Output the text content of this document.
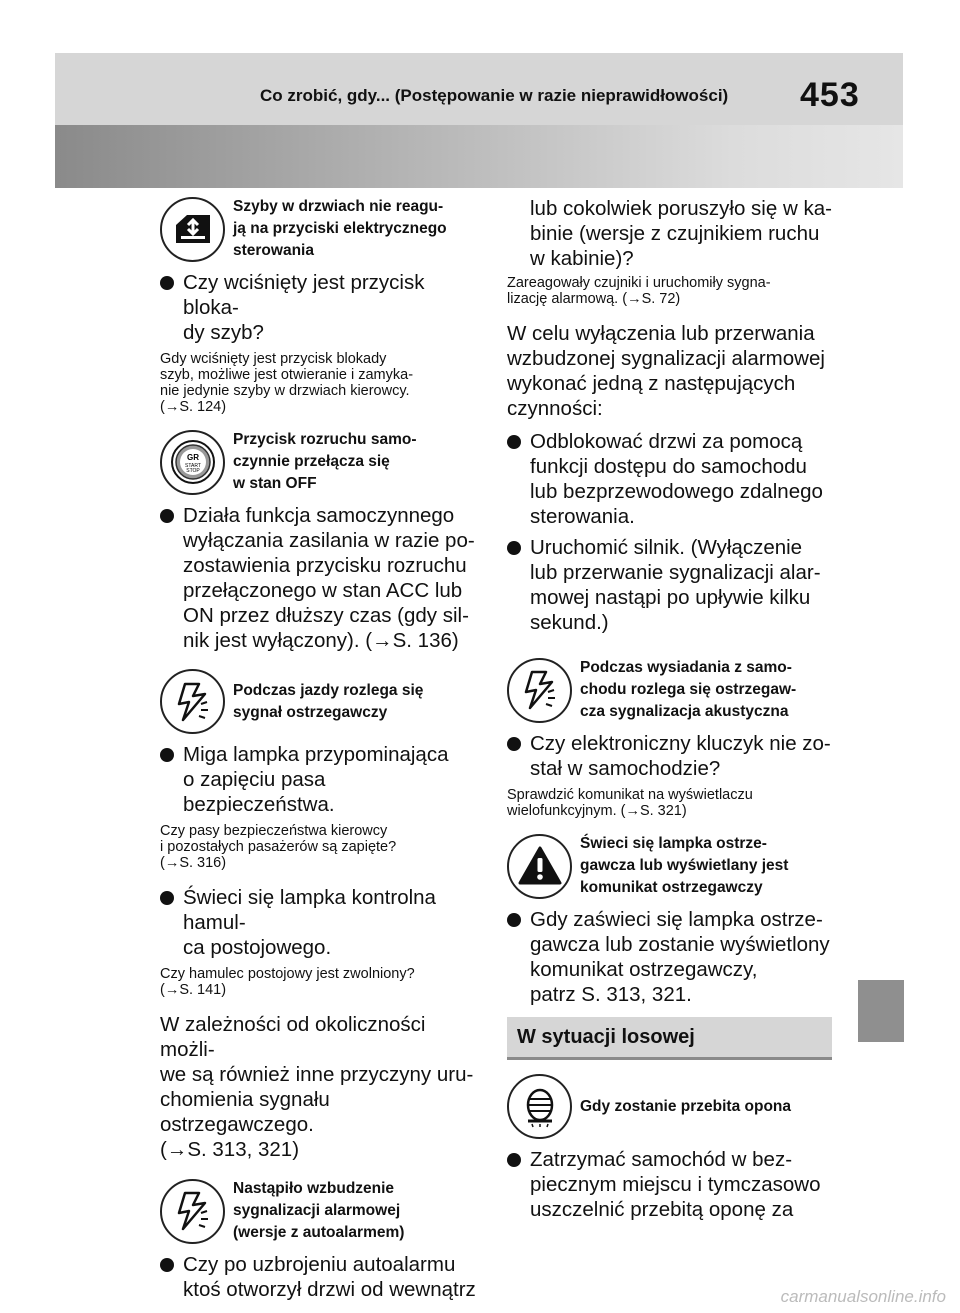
Co zrobić, gdy... (Postępowanie w razie nieprawidłowości) 453
Szyby w drzwiach nie reagu-
ją na przyciski elektrycznego
sterowania
Czy wciśnięty jest przycisk bloka-
dy szyb?
Gdy wciśnięty jest przycisk blokady
szyb, możliwe jest otwieranie i zamyka-
nie jedynie szyby w drzwiach kierowcy.
(→S. 124)
GR
START
STOP
Przycisk rozruchu samo-
czynnie przełącza się
w stan OFF
Działa funkcja samoczynnego
wyłączania zasilania w razie po-
zostawienia przycisku rozruchu
przełączonego w stan ACC lub
ON przez dłuższy czas (gdy sil-
nik jest wyłączony). (→S. 136)
Podczas jazdy rozlega się
sygnał ostrzegawczy
Miga lampka przypominająca
o zapięciu pasa bezpieczeństwa.
Czy pasy bezpieczeństwa kierowcy
i pozostałych pasażerów są zapięte?
(→S. 316)
Świeci się lampka kontrolna hamul-
ca postojowego.
Czy hamulec postojowy jest zwolniony?
(→S. 141)
W zależności od okoliczności możli-
we są również inne przyczyny uru-
chomienia sygnału ostrzegawczego.
(→S. 313, 321)
Nastąpiło wzbudzenie
sygnalizacji alarmowej
(wersje z autoalarmem)
Czy po uzbrojeniu autoalarmu
ktoś otworzył drzwi od wewnątrz
lub cokolwiek poruszyło się w ka-
binie (wersje z czujnikiem ruchu
w kabinie)?
Zareagowały czujniki i uruchomiły sygna-
lizację alarmową. (→S. 72)
W celu wyłączenia lub przerwania
wzbudzonej sygnalizacji alarmowej
wykonać jedną z następujących
czynności:
Odblokować drzwi za pomocą
funkcji dostępu do samochodu
lub bezprzewodowego zdalnego
sterowania.
Uruchomić silnik. (Wyłączenie
lub przerwanie sygnalizacji alar-
mowej nastąpi po upływie kilku
sekund.)
Podczas wysiadania z samo-
chodu rozlega się ostrzegaw-
cza sygnalizacja akustyczna
Czy elektroniczny kluczyk nie zo-
stał w samochodzie?
Sprawdzić komunikat na wyświetlaczu
wielofunkcyjnym. (→S. 321)
Świeci się lampka ostrze-
gawcza lub wyświetlany jest
komunikat ostrzegawczy
Gdy zaświeci się lampka ostrze-
gawcza lub zostanie wyświetlony
komunikat ostrzegawczy,
patrz S. 313, 321.
W sytuacji losowej
Gdy zostanie przebita opona
Zatrzymać samochód w bez-
piecznym miejscu i tymczasowo
uszczelnić przebitą oponę za
carmanualsonline.info
